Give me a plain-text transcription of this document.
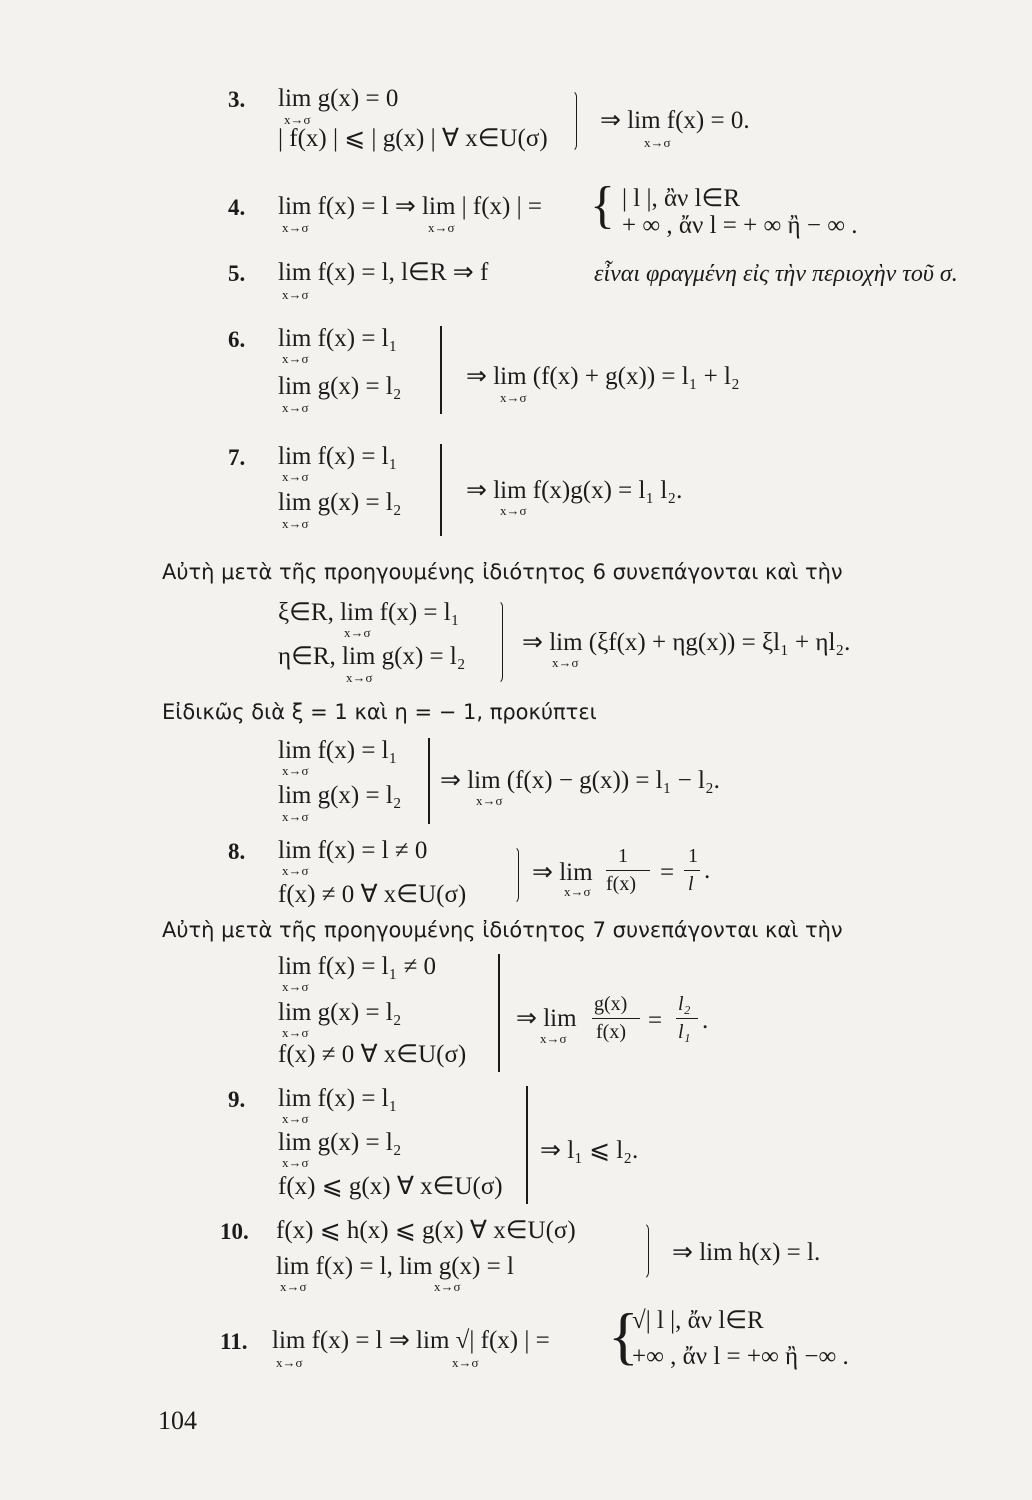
3. lim g(x) = 0
x→σ
| f(x) | ⩽ | g(x) | ∀ x∈U(σ)
⇒ lim f(x) = 0.
x→σ
4. lim f(x) = l ⇒ lim | f(x) | =
x→σ	x→σ	{ | l |, ἂν l∈R
+ ∞ , ἄν l = + ∞ ἢ − ∞ .
5. lim f(x) = l, l∈R ⇒ f	εἶναι φραγμένη εἰς τὴν περιοχὴν τοῦ σ.
x→σ
6. lim f(x) = l₁
x→σ
lim g(x) = l₂
x→σ
⇒ lim (f(x) + g(x)) = l₁ + l₂
x→σ
7. lim f(x) = l₁
x→σ
lim g(x) = l₂
x→σ
⇒ lim f(x)g(x) = l₁ l₂.
x→σ
Αὐτὴ μετὰ τῆς προηγουμένης ἰδιότητος 6 συνεπάγονται καὶ τὴν
ξ∈R, lim f(x) = l₁
x→σ
η∈R, lim g(x) = l₂
x→σ
⇒ lim (ξf(x) + ηg(x)) = ξl₁ + ηl₂.
x→σ
Εἰδικῶς διὰ ξ = 1 καὶ η = − 1, προκύπτει
lim f(x) = l₁
x→σ
lim g(x) = l₂
x→σ
⇒ lim (f(x) − g(x)) = l₁ − l₂.
x→σ
8. lim f(x) = l ≠ 0
x→σ
f(x) ≠ 0 ∀ x∈U(σ)
⇒ lim
x→σ
1
f(x) =
1
l .
Αὐτὴ μετὰ τῆς προηγουμένης ἰδιότητος 7 συνεπάγονται καὶ τὴν
lim f(x) = l₁ ≠ 0
x→σ
lim g(x) = l₂
x→σ
f(x) ≠ 0 ∀ x∈U(σ)
⇒ lim
x→σ
g(x)
f(x) =
l₂
l₁ .
9. lim f(x) = l₁
x→σ
lim g(x) = l₂
x→σ
f(x) ⩽ g(x) ∀ x∈U(σ)
⇒ l₁ ⩽ l₂.
10. f(x) ⩽ h(x) ⩽ g(x) ∀ x∈U(σ)
lim f(x) = l, lim g(x) = l
x→σ	x→σ
⇒ lim h(x) = l.
11. lim f(x) = l ⇒ lim √| f(x) | =
x→σ	x→σ {
√| l |, ἄν l∈R
+∞ , ἄν l = +∞ ἢ −∞ .
104
